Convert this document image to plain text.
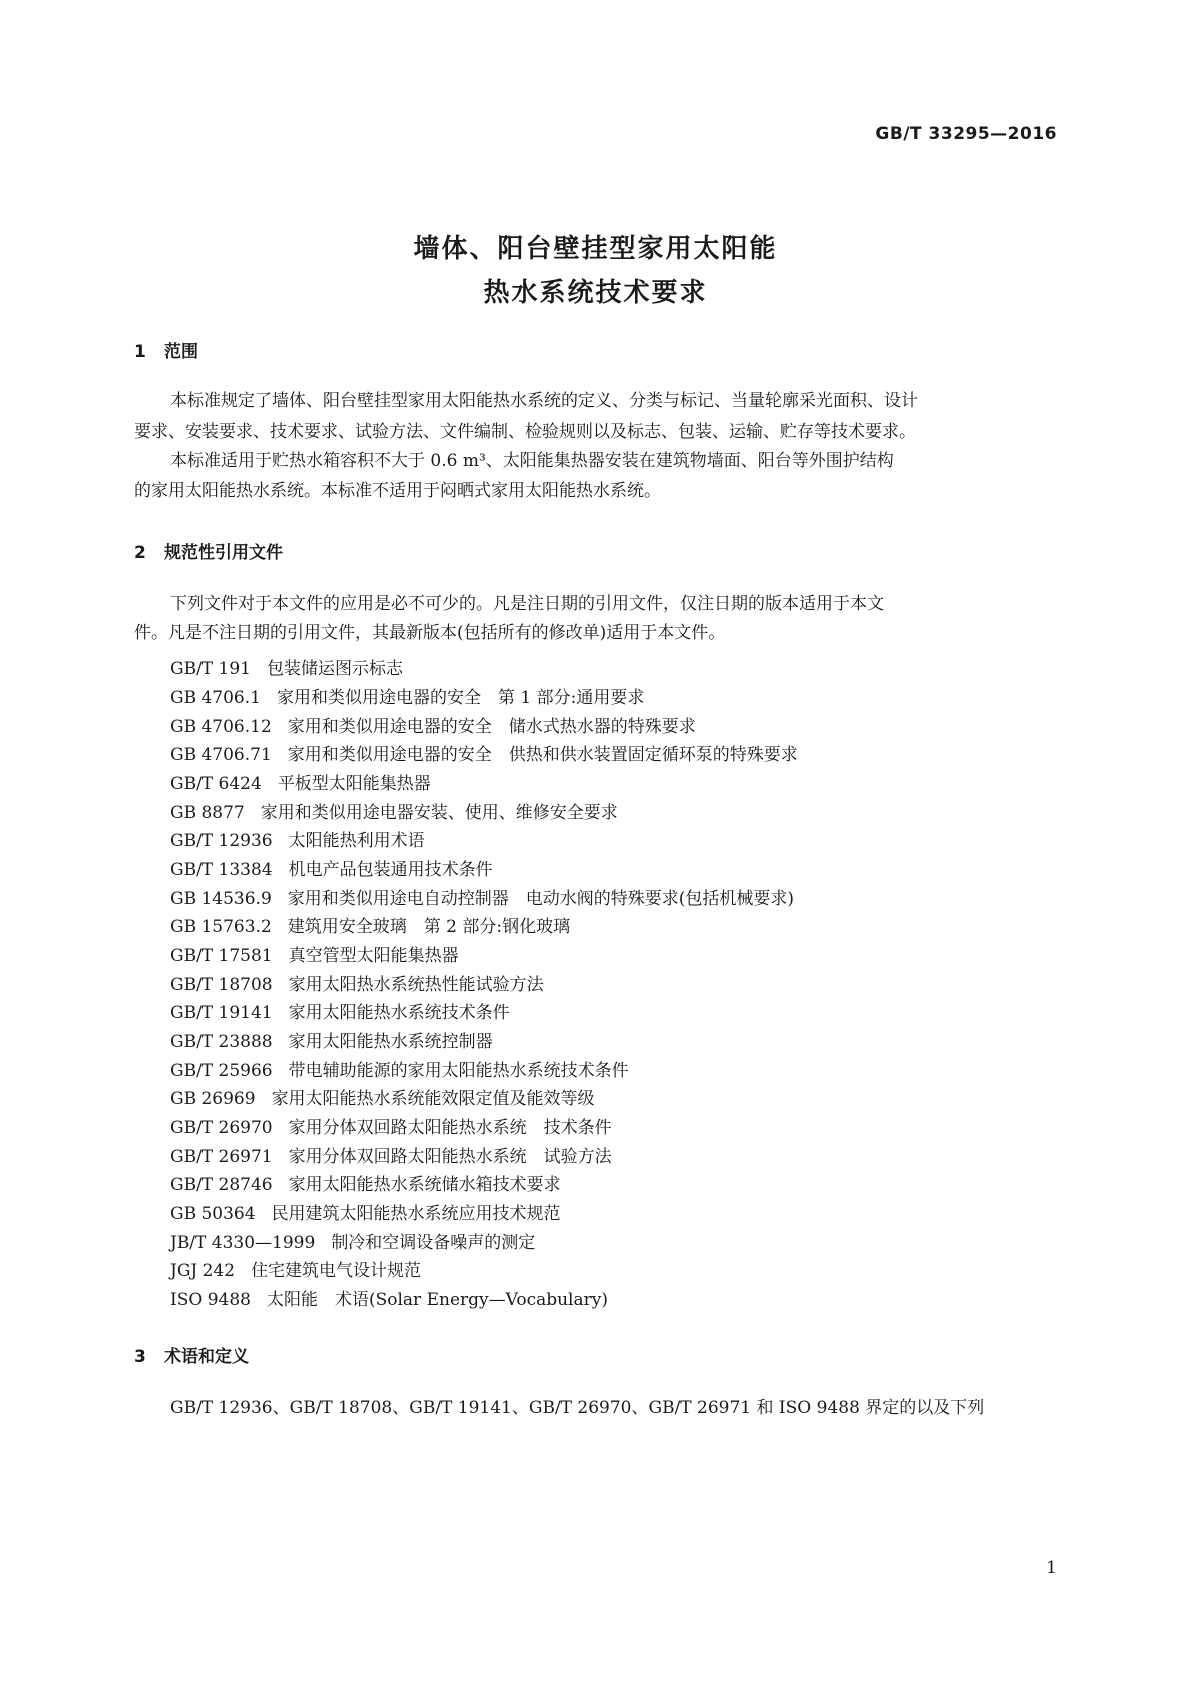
GB/T 33295—2016
墙体、阳台壁挂型家用太阳能
热水系统技术要求
1 范围
本标准规定了墙体、阳台壁挂型家用太阳能热水系统的定义、分类与标记、当量轮廓采光面积、设计
要求、安装要求、技术要求、试验方法、文件编制、检验规则以及标志、包装、运输、贮存等技术要求。
本标准适用于贮热水箱容积不大于 0.6 m³、太阳能集热器安装在建筑物墙面、阳台等外围护结构
的家用太阳能热水系统。本标准不适用于闷晒式家用太阳能热水系统。
2 规范性引用文件
下列文件对于本文件的应用是必不可少的。凡是注日期的引用文件，仅注日期的版本适用于本文
件。凡是不注日期的引用文件，其最新版本(包括所有的修改单)适用于本文件。
GB/T 191 包装储运图示标志
GB 4706.1 家用和类似用途电器的安全　第 1 部分:通用要求
GB 4706.12 家用和类似用途电器的安全　储水式热水器的特殊要求
GB 4706.71 家用和类似用途电器的安全　供热和供水装置固定循环泵的特殊要求
GB/T 6424 平板型太阳能集热器
GB 8877 家用和类似用途电器安装、使用、维修安全要求
GB/T 12936 太阳能热利用术语
GB/T 13384 机电产品包装通用技术条件
GB 14536.9 家用和类似用途电自动控制器　电动水阀的特殊要求(包括机械要求)
GB 15763.2 建筑用安全玻璃　第 2 部分:钢化玻璃
GB/T 17581 真空管型太阳能集热器
GB/T 18708 家用太阳热水系统热性能试验方法
GB/T 19141 家用太阳能热水系统技术条件
GB/T 23888 家用太阳能热水系统控制器
GB/T 25966 带电辅助能源的家用太阳能热水系统技术条件
GB 26969 家用太阳能热水系统能效限定值及能效等级
GB/T 26970 家用分体双回路太阳能热水系统　技术条件
GB/T 26971 家用分体双回路太阳能热水系统　试验方法
GB/T 28746 家用太阳能热水系统储水箱技术要求
GB 50364 民用建筑太阳能热水系统应用技术规范
JB/T 4330—1999 制冷和空调设备噪声的测定
JGJ 242 住宅建筑电气设计规范
ISO 9488 太阳能　术语(Solar Energy—Vocabulary)
3 术语和定义
GB/T 12936、GB/T 18708、GB/T 19141、GB/T 26970、GB/T 26971 和 ISO 9488 界定的以及下列
1
